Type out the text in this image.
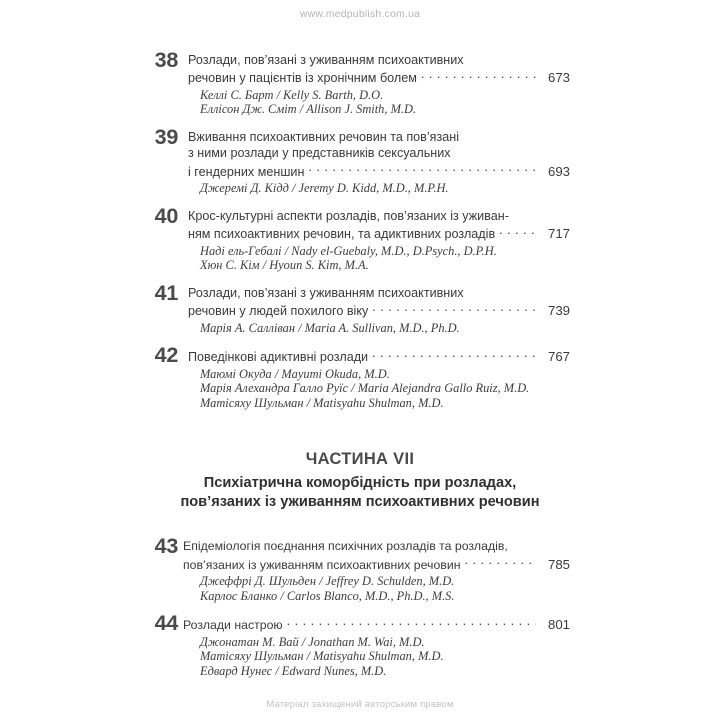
www.medpublish.com.ua
38 Розлади, пов’язані з уживанням психоактивних
речовин у пацієнтів із хронічним болем . . .	673
Келлі С. Барт / Kelly S. Barth, D.O.
Еллісон Дж. Сміт / Allison J. Smith, M.D.
39 Вживання психоактивних речовин та пов’язані
з ними розлади у представників сексуальних
і гендерних меншин . . .	693
Джеремі Д. Кідд / Jeremy D. Kidd, M.D., M.P.H.
40 Крос-культурні аспекти розладів, пов’язаних із уживан-
ням психоактивних речовин, та адиктивних розладів . . .	717
Наді ель-Гебалі / Nady el-Guebaly, M.D., D.Psych., D.P.H.
Хюн С. Кім / Hyoun S. Kim, M.A.
41 Розлади, пов’язані з уживанням психоактивних
речовин у людей похилого віку . . .	739
Марія А. Салліван / Maria A. Sullivan, M.D., Ph.D.
42 Поведінкові адиктивні розлади . . .	767
Маюмі Окуда / Mayumi Okuda, M.D.
Марія Алехандра Галло Руїс / Maria Alejandra Gallo Ruiz, M.D.
Матісяху Шульман / Matisyahu Shulman, M.D.
ЧАСТИНА VII
Психіатрична коморбідність при розладах,
пов’язаних із уживанням психоактивних речовин
43 Епідеміологія поєднання психічних розладів та розладів,
пов’язаних із уживанням психоактивних речовин . . .	785
Джеффрі Д. Шульден / Jeffrey D. Schulden, M.D.
Карлос Бланко / Carlos Blanco, M.D., Ph.D., M.S.
44 Розлади настрою . . .	801
Джонатан М. Вай / Jonathan M. Wai, M.D.
Матісяху Шульман / Matisyahu Shulman, M.D.
Едвард Нунес / Edward Nunes, M.D.
Матеріал захищений авторським правом
